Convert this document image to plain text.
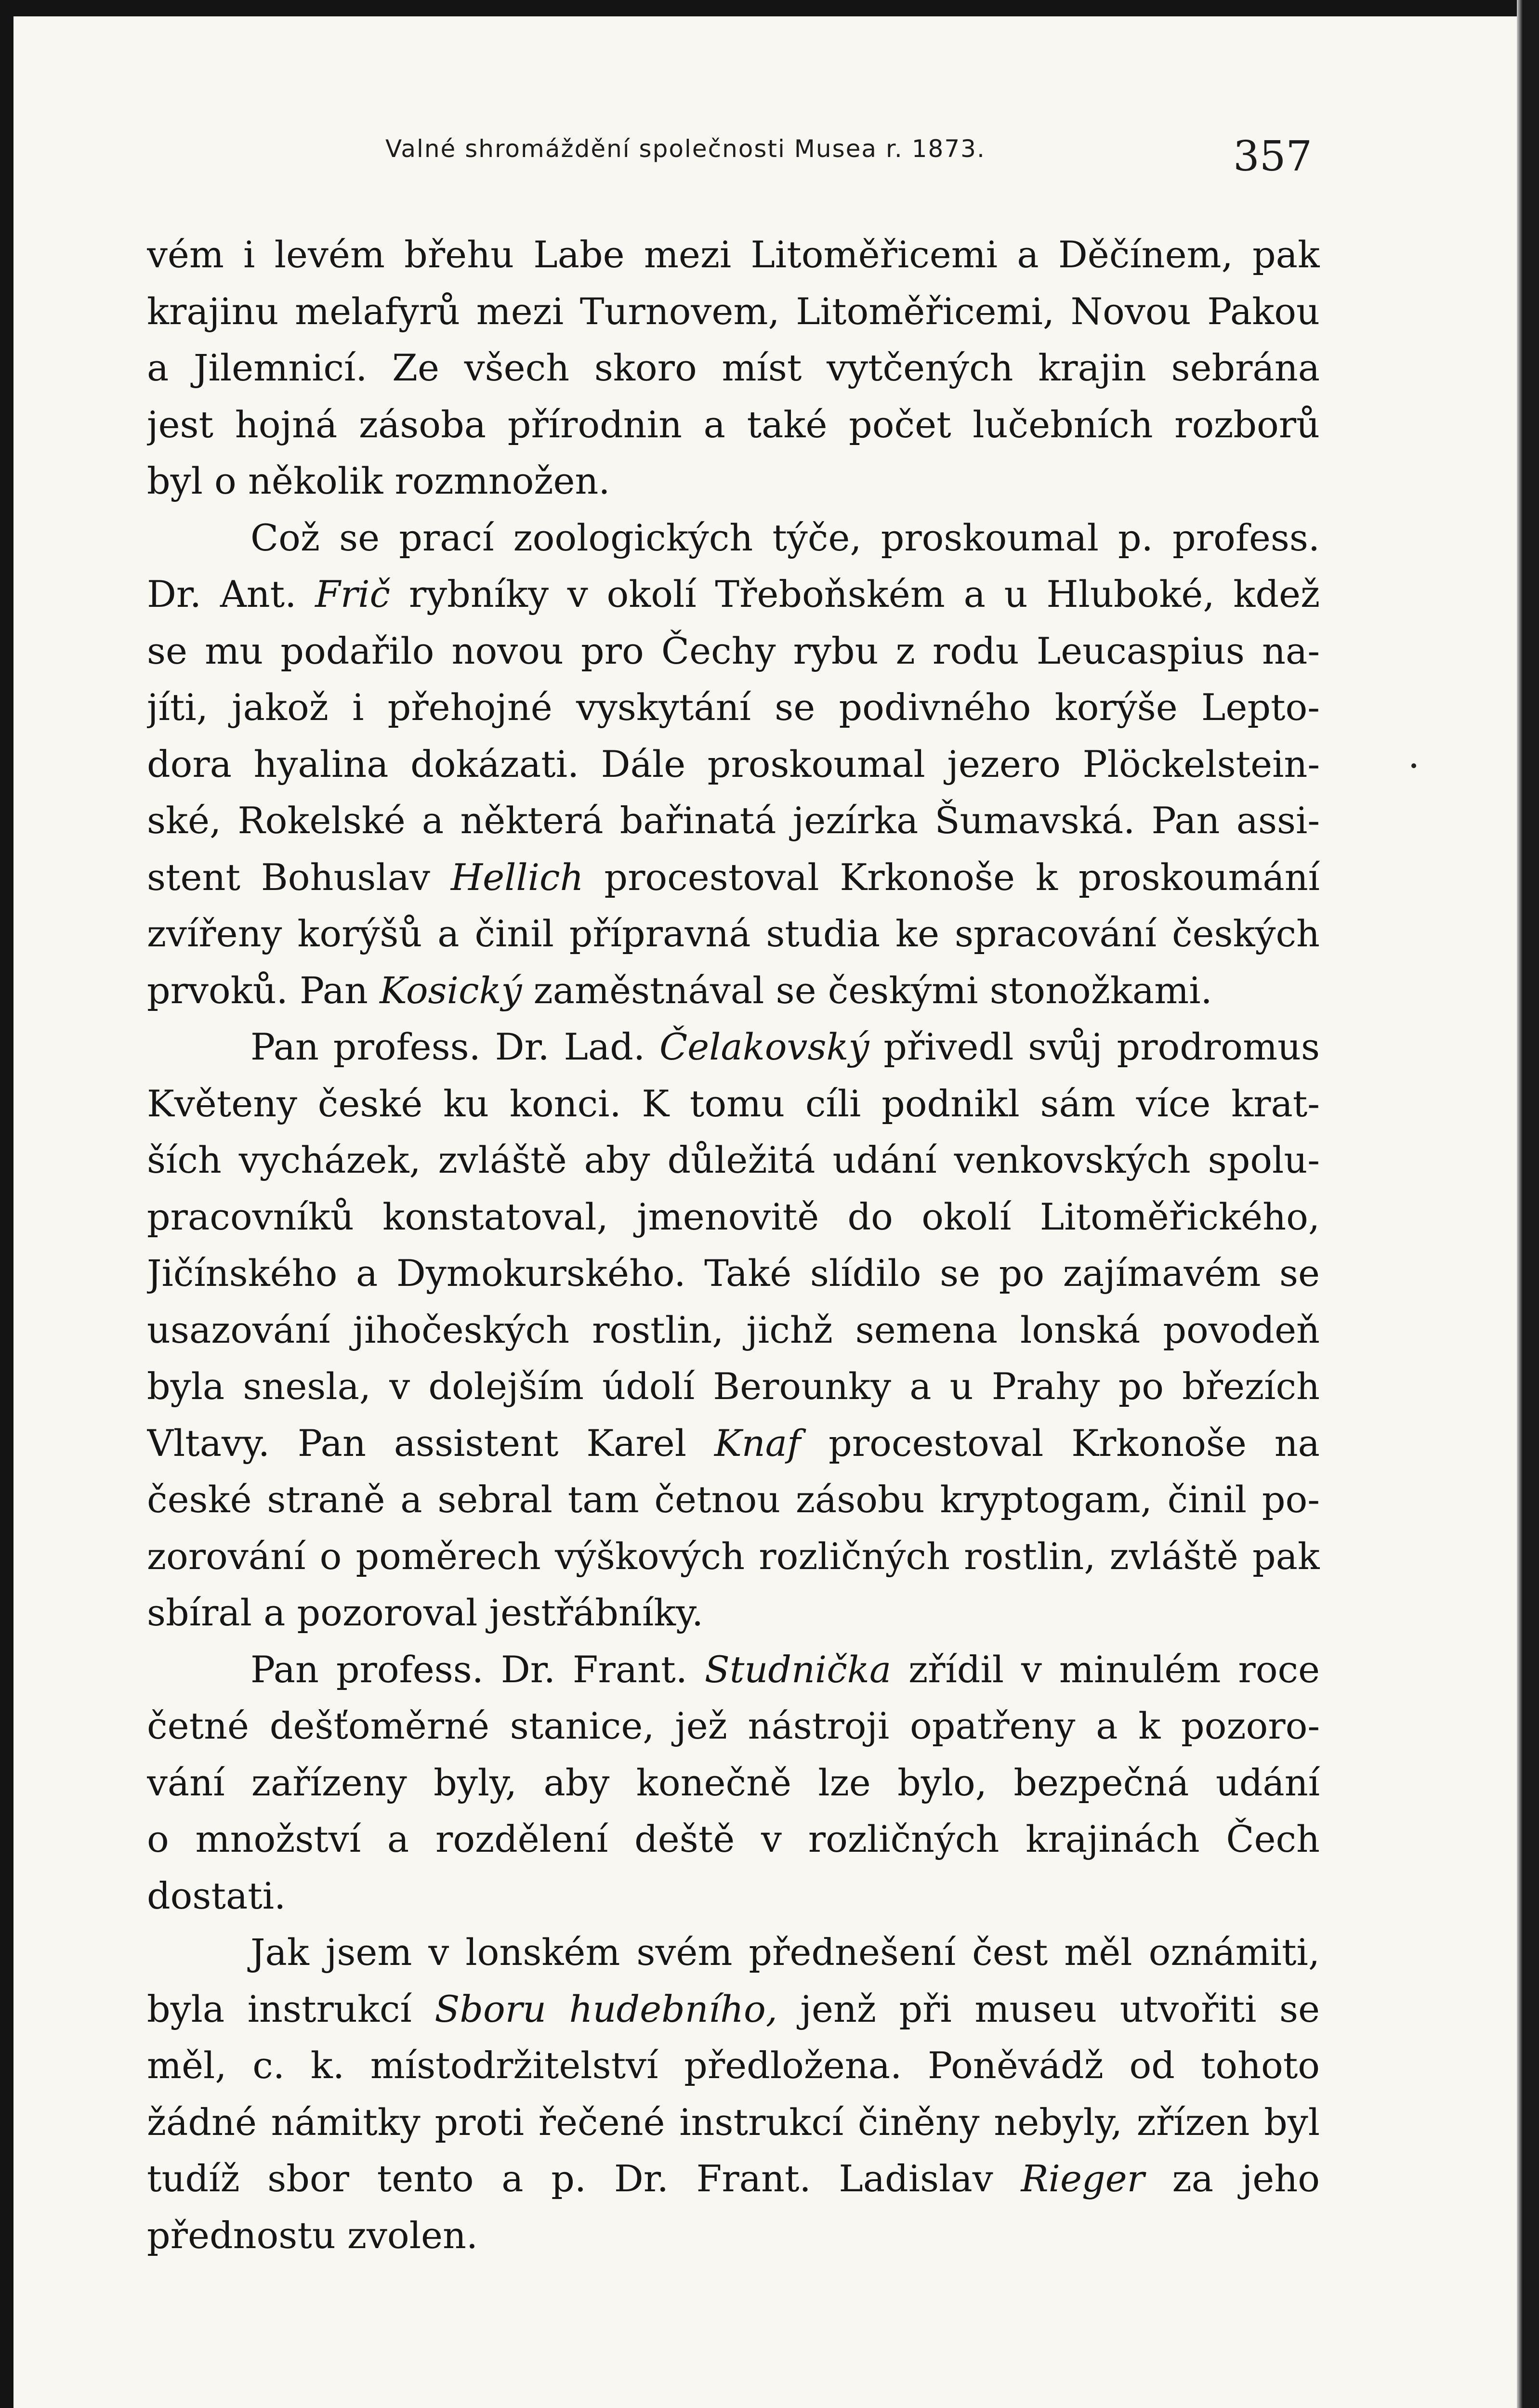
Valné shromáždění společnosti Musea r. 1873.	357
vém i levém břehu Labe mezi Litoměřicemi a Děčínem, pak
krajinu melafyrů mezi Turnovem, Litoměřicemi, Novou Pakou
a Jilemnicí. Ze všech skoro míst vytčených krajin sebrána
jest hojná zásoba přírodnin a také počet lučebních rozborů
byl o několik rozmnožen.
Což se prací zoologických týče, proskoumal p. profess.
Dr. Ant. Frič rybníky v okolí Třeboňském a u Hluboké, kdež
se mu podařilo novou pro Čechy rybu z rodu Leucaspius na-
jíti, jakož i přehojné vyskytání se podivného korýše Lepto-
dora hyalina dokázati. Dále proskoumal jezero Plöckelstein-
ské, Rokelské a některá bařinatá jezírka Šumavská. Pan assi-
stent Bohuslav Hellich procestoval Krkonoše k proskoumání
zvířeny korýšů a činil přípravná studia ke spracování českých
prvoků. Pan Kosický zaměstnával se českými stonožkami.
Pan profess. Dr. Lad. Čelakovský přivedl svůj prodromus
Květeny české ku konci. K tomu cíli podnikl sám více krat-
ších vycházek, zvláště aby důležitá udání venkovských spolu-
pracovníků konstatoval, jmenovitě do okolí Litoměřického,
Jičínského a Dymokurského. Také slídilo se po zajímavém se
usazování jihočeských rostlin, jichž semena lonská povodeň
byla snesla, v dolejším údolí Berounky a u Prahy po březích
Vltavy. Pan assistent Karel Knaf procestoval Krkonoše na
české straně a sebral tam četnou zásobu kryptogam, činil po-
zorování o poměrech výškových rozličných rostlin, zvláště pak
sbíral a pozoroval jestřábníky.
Pan profess. Dr. Frant. Studnička zřídil v minulém roce
četné dešťoměrné stanice, jež nástroji opatřeny a k pozoro-
vání zařízeny byly, aby konečně lze bylo, bezpečná udání
o množství a rozdělení deště v rozličných krajinách Čech
dostati.
Jak jsem v lonském svém přednešení čest měl oznámiti,
byla instrukcí Sboru hudebního, jenž při museu utvořiti se
měl, c. k. místodržitelství předložena. Poněvádž od tohoto
žádné námitky proti řečené instrukcí činěny nebyly, zřízen byl
tudíž sbor tento a p. Dr. Frant. Ladislav Rieger za jeho
přednostu zvolen.
